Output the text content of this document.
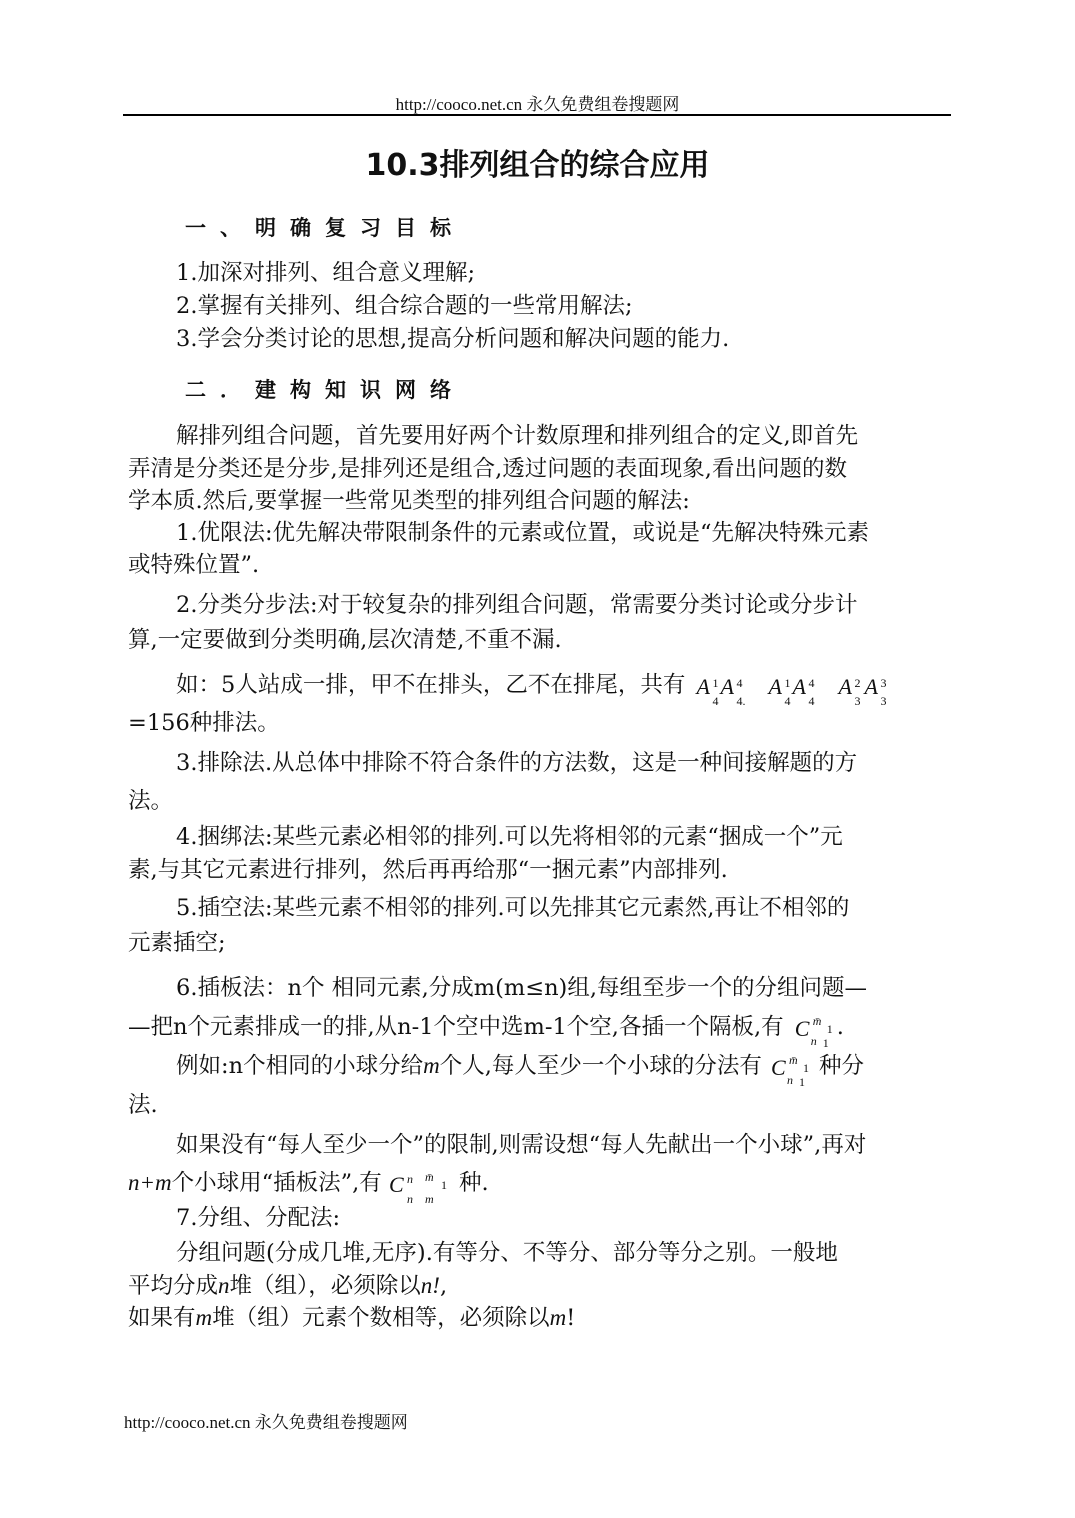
http://cooco.net.cn 永久免费组卷搜题网
10.3排列组合的综合应用
一、明确复习目标
1.加深对排列、组合意义理解;
2.掌握有关排列、组合综合题的一些常用解法;
3.学会分类讨论的思想,提高分析问题和解决问题的能力.
二．建构知识网络
解排列组合问题，首先要用好两个计数原理和排列组合的定义,即首先
弄清是分类还是分步,是排列还是组合,透过问题的表面现象,看出问题的数
学本质.然后,要掌握一些常见类型的排列组合问题的解法:
1.优限法:优先解决带限制条件的元素或位置，或说是“先解决特殊元素
或特殊位置”.
2.分类分步法:对于较复杂的排列组合问题，常需要分类讨论或分步计
算,一定要做到分类明确,层次清楚,不重不漏.
如：5人站成一排，甲不在排头，乙不在排尾，共有 A 1
4
A 4
4.
A 1
4
A 4
4
A 2
3
A 3
3
=156种排法。
3.排除法.从总体中排除不符合条件的方法数，这是一种间接解题的方
法。
4.捆绑法:某些元素必相邻的排列.可以先将相邻的元素“捆成一个”元
素,与其它元素进行排列，然后再再给那“一捆元素”内部排列.
5.插空法:某些元素不相邻的排列.可以先排其它元素然,再让不相邻的
元素插空;
6.插板法：n个 相同元素,分成m(m≤n)组,每组至步一个的分组问题—
—把n个元素排成一的排,从n-1个空中选m-1个空,各插一个隔板,有 C m̄
1
n 1
.
例如:n个相同的小球分给m个人,每人至少一个小球的分法有 C m̄
1
n 1
种分
法.
如果没有“每人至少一个”的限制,则需设想“每人先献出一个小球”,再对
n+m个小球用“插板法”,有 C n m̄
1
n m
种.
7.分组、分配法:
分组问题(分成几堆,无序).有等分、不等分、部分等分之别。一般地
平均分成n堆（组），必须除以n!,
如果有m堆（组）元素个数相等，必须除以m!
http://cooco.net.cn 永久免费组卷搜题网
